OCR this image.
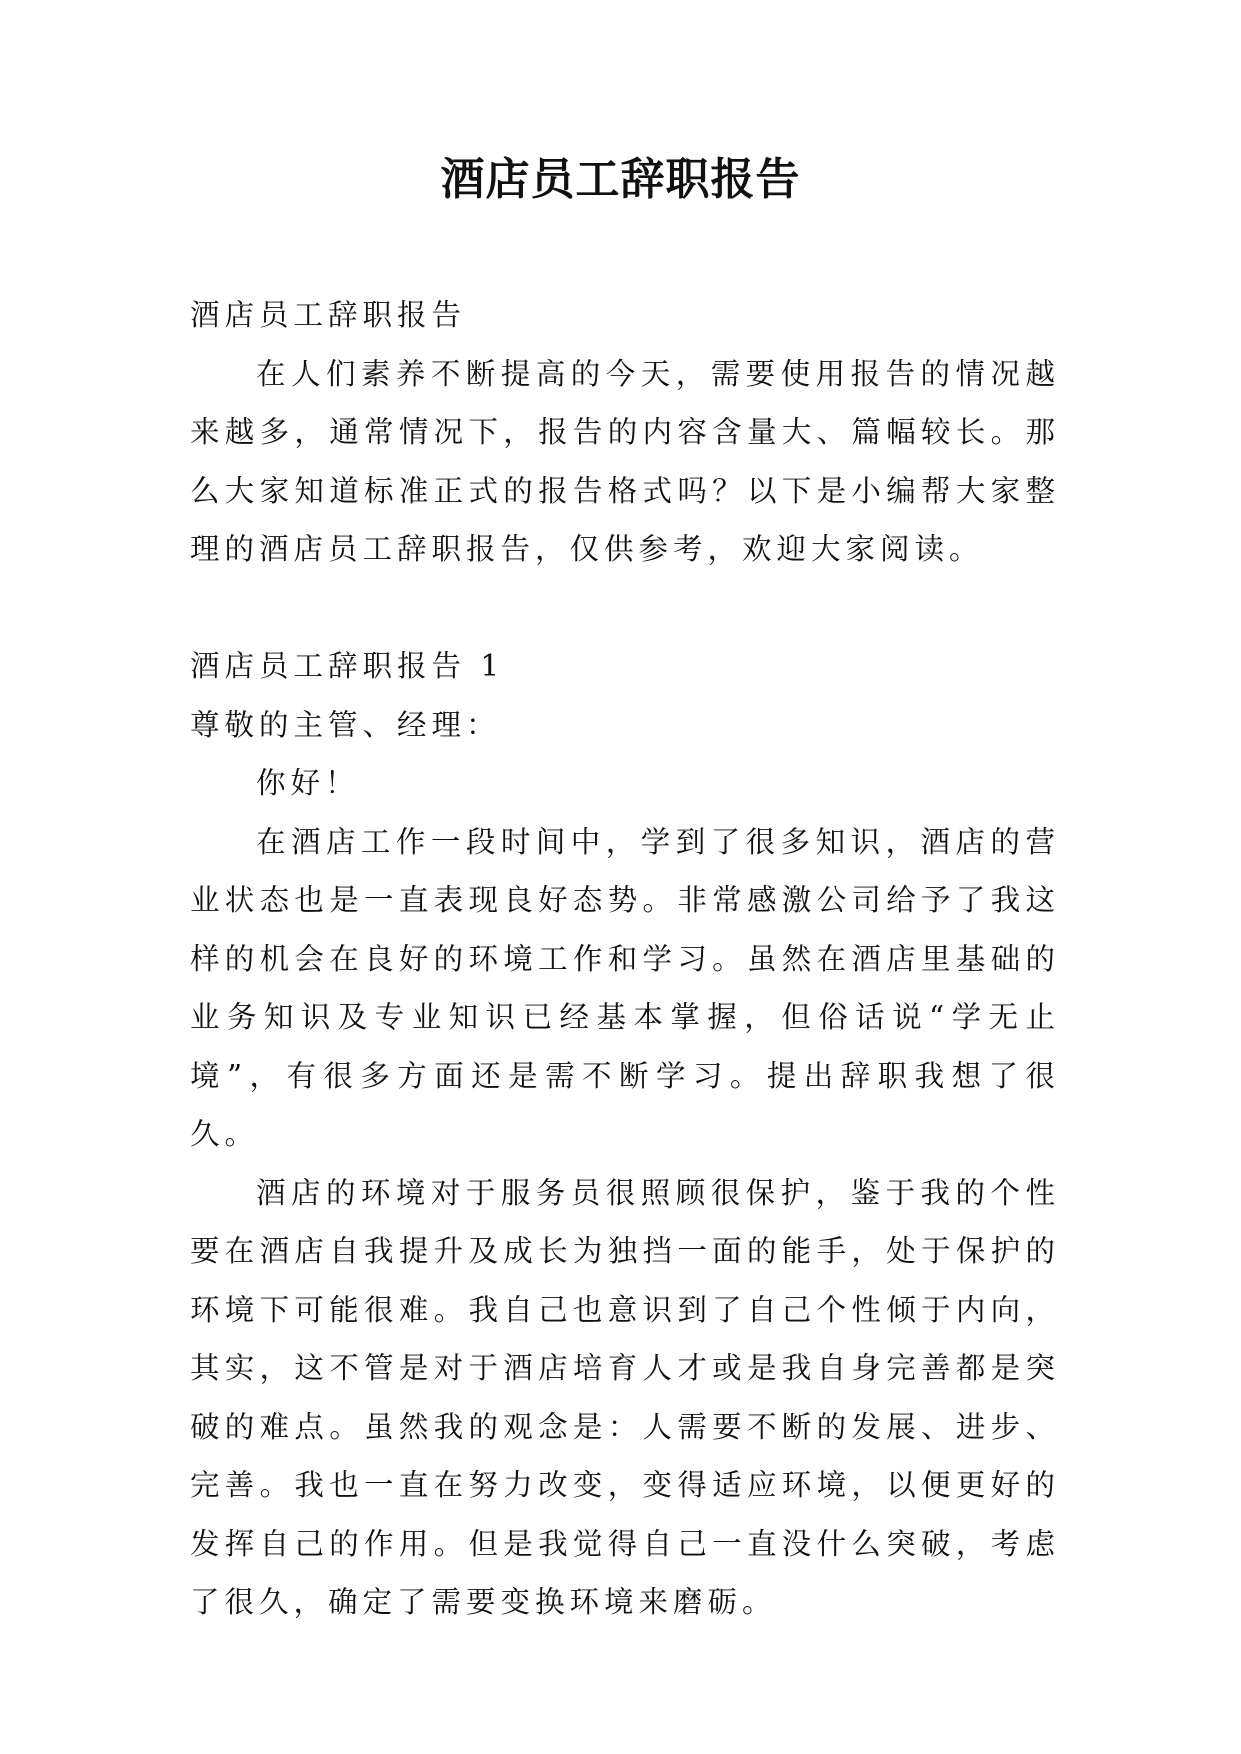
酒店员工辞职报告

酒店员工辞职报告

在人们素养不断提高的今天，需要使用报告的情况越来越多，通常情况下，报告的内容含量大、篇幅较长。那么大家知道标准正式的报告格式吗？以下是小编帮大家整理的酒店员工辞职报告，仅供参考，欢迎大家阅读。

酒店员工辞职报告 1

尊敬的主管、经理：

你好！

在酒店工作一段时间中，学到了很多知识，酒店的营业状态也是一直表现良好态势。非常感激公司给予了我这样的机会在良好的环境工作和学习。虽然在酒店里基础的业务知识及专业知识已经基本掌握，但俗话说“学无止境”，有很多方面还是需不断学习。提出辞职我想了很久。

酒店的环境对于服务员很照顾很保护，鉴于我的个性要在酒店自我提升及成长为独挡一面的能手，处于保护的环境下可能很难。我自己也意识到了自己个性倾于内向，其实，这不管是对于酒店培育人才或是我自身完善都是突破的难点。虽然我的观念是：人需要不断的发展、进步、完善。我也一直在努力改变，变得适应环境，以便更好的发挥自己的作用。但是我觉得自己一直没什么突破，考虑了很久，确定了需要变换环境来磨砺。
